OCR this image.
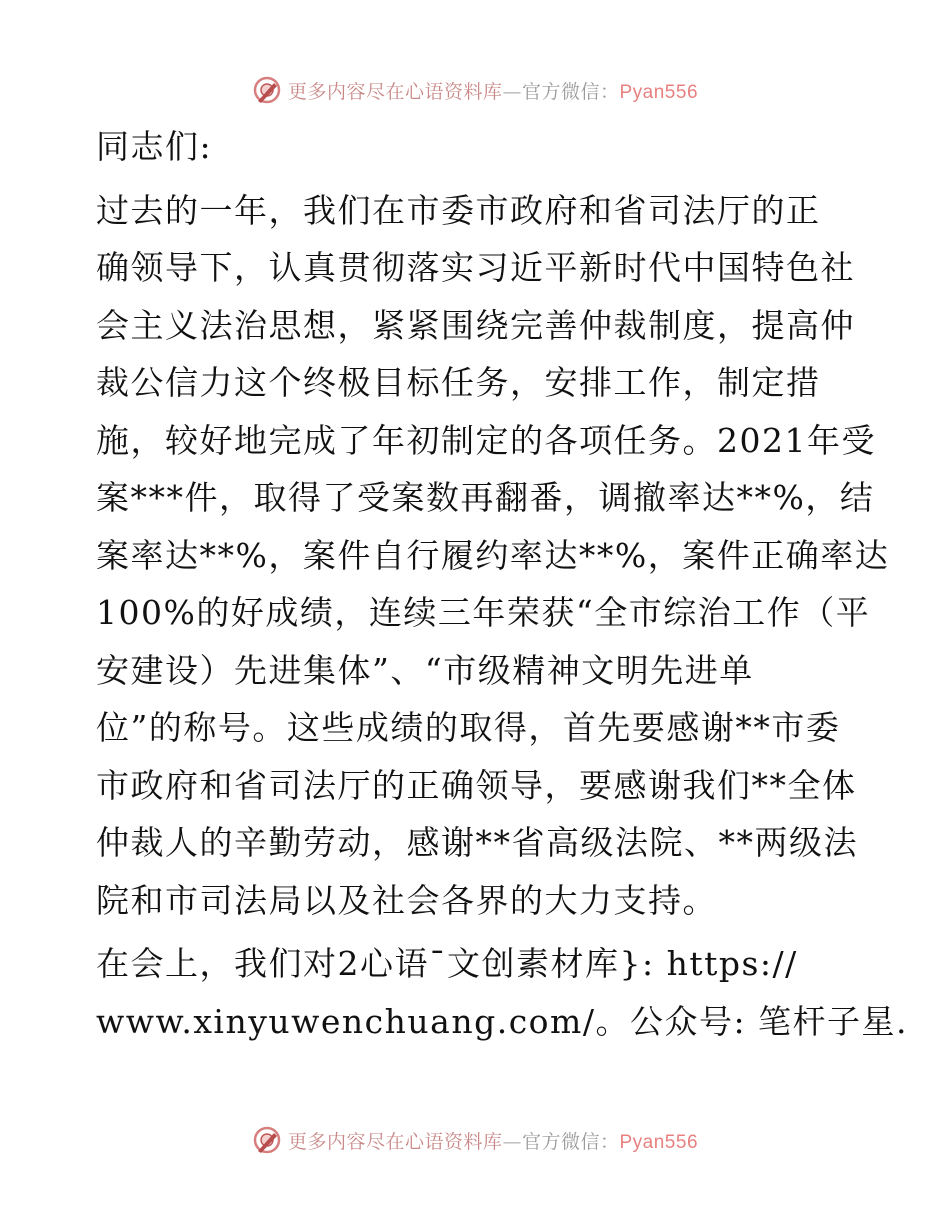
更多内容尽在心语资料库—官方微信：Pyan556
同志们:
过去的一年，我们在市委市政府和省司法厅的正
确领导下，认真贯彻落实习近平新时代中国特色社
会主义法治思想，紧紧围绕完善仲裁制度，提高仲
裁公信力这个终极目标任务，安排工作，制定措
施，较好地完成了年初制定的各项任务。2021年受
案***件，取得了受案数再翻番，调撤率达**%，结
案率达**%，案件自行履约率达**%，案件正确率达
100%的好成绩，连续三年荣获“全市综治工作（平
安建设）先进集体”、“市级精神文明先进单
位”的称号。这些成绩的取得，首先要感谢**市委
市政府和省司法厅的正确领导，要感谢我们**全体
仲裁人的辛勤劳动，感谢**省高级法院、**两级法
院和市司法局以及社会各界的大力支持。
在会上，我们对2心语¯文创素材库}: https://
www.xinyuwenchuang.com/。公众号: 笔杆子星.
更多内容尽在心语资料库—官方微信：Pyan556
